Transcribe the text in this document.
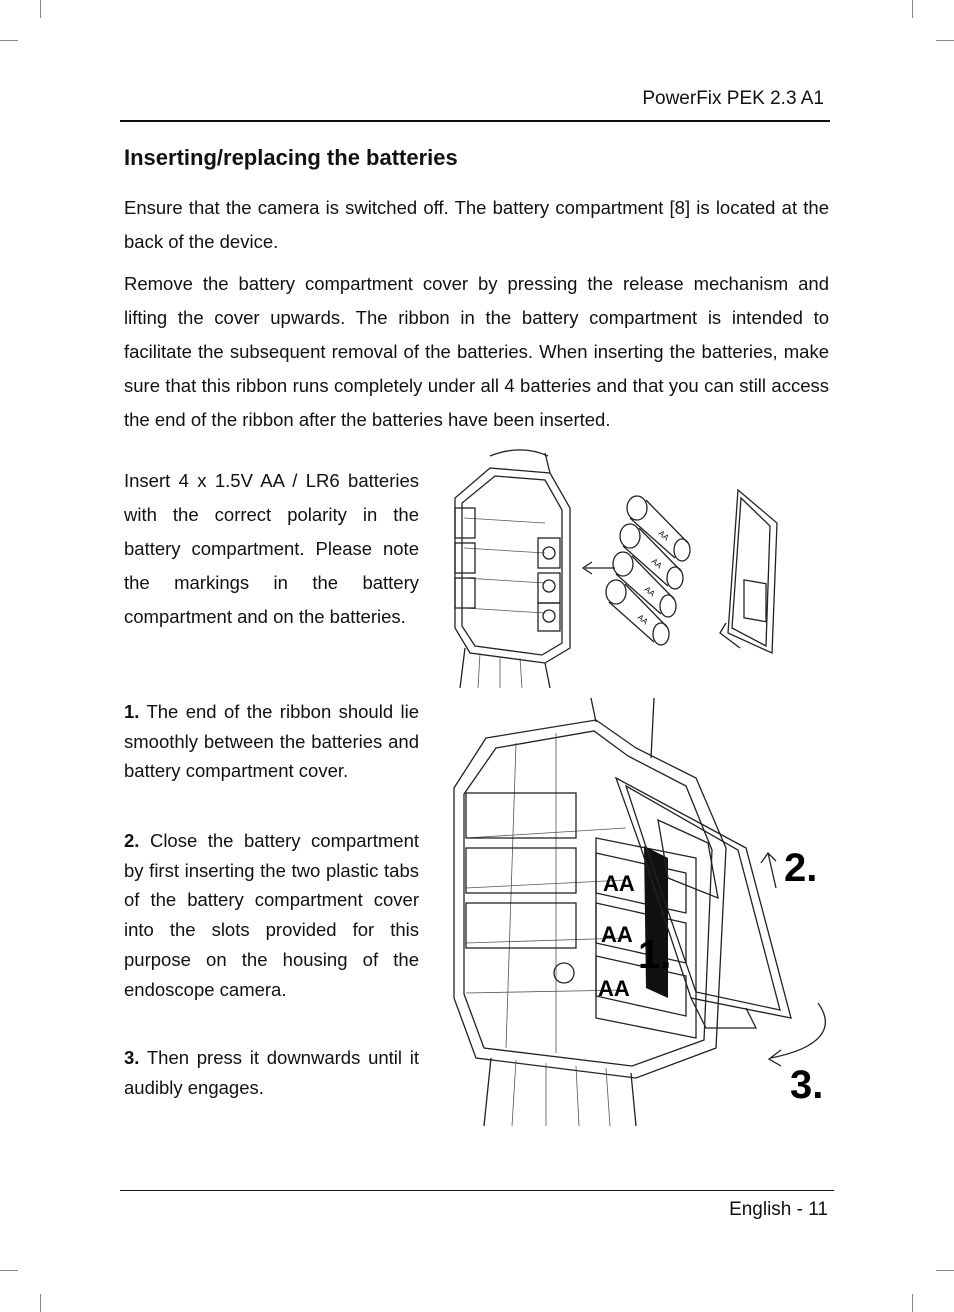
PowerFix PEK 2.3 A1
Inserting/replacing the batteries

Ensure that the camera is switched off. The battery compartment [8] is located at the back of the device.

Remove the battery compartment cover by pressing the release mechanism and lifting the cover upwards. The ribbon in the battery compartment is intended to facilitate the subsequent removal of the batteries. When inserting the batteries, make sure that this ribbon runs completely under all 4 batteries and that you can still access the end of the ribbon after the batteries have been inserted.

Insert 4 x 1.5V AA / LR6 batteries with the correct polarity in the battery compartment. Please note the markings in the battery compartment and on the batteries.

1. The end of the ribbon should lie smoothly between the batteries and battery compartment cover.

2. Close the battery compartment by first inserting the two plastic tabs of the battery compartment cover into the slots provided for this purpose on the housing of the endoscope camera.

3. Then press it downwards until it audibly engages.

AA
AA
AA
AA
AA
AA
AA
1.
2.
3.
English - 11
